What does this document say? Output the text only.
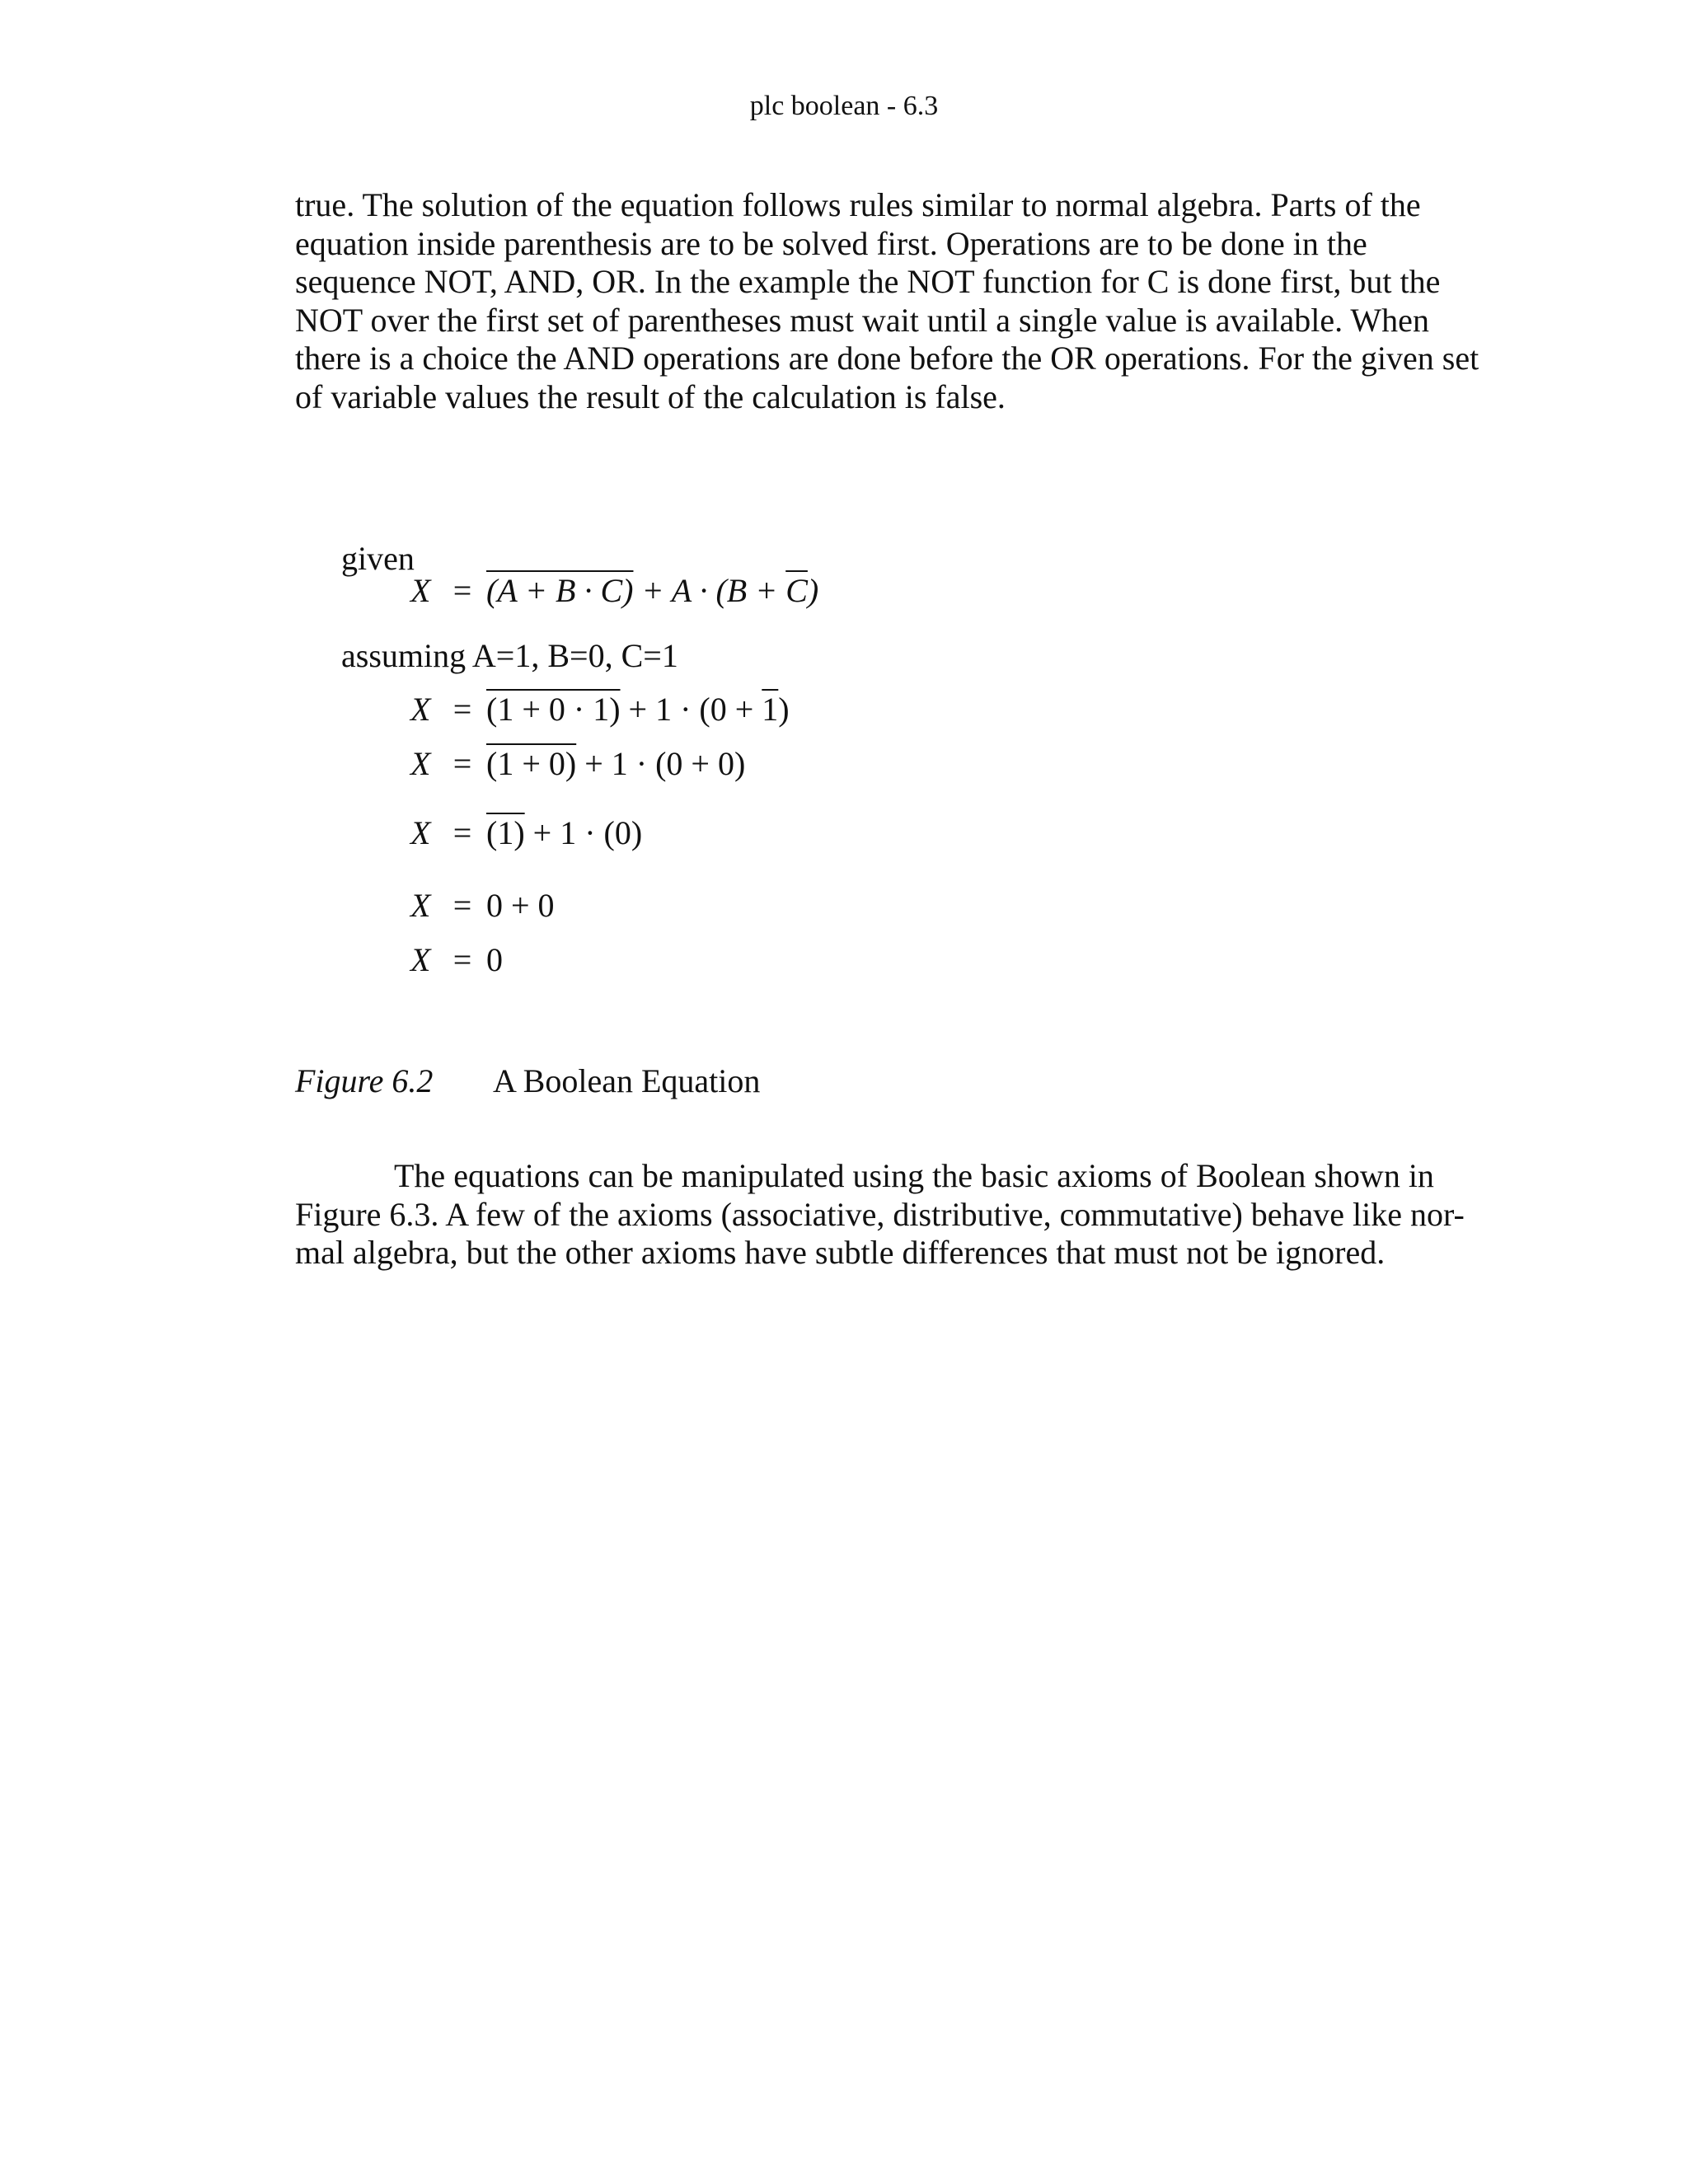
plc boolean - 6.3
true. The solution of the equation follows rules similar to normal algebra. Parts of the
equation inside parenthesis are to be solved first. Operations are to be done in the
sequence NOT, AND, OR. In the example the NOT function for C is done first, but the
NOT over the first set of parentheses must wait until a single value is available. When
there is a choice the AND operations are done before the OR operations. For the given set
of variable values the result of the calculation is false.
given
$X = (A + B \cdot C) + A \cdot (B + \overline{C})$
assuming A=1, B=0, C=1
X = (1 + 0 · 1) + 1 · (0 + 1)
X = (1 + 0) + 1 · (0 + 0)
X = (1) + 1 · (0)
X = 0 + 0
X = 0
Figure 6.2 A Boolean Equation
The equations can be manipulated using the basic axioms of Boolean shown in
Figure 6.3. A few of the axioms (associative, distributive, commutative) behave like nor-
mal algebra, but the other axioms have subtle differences that must not be ignored.
